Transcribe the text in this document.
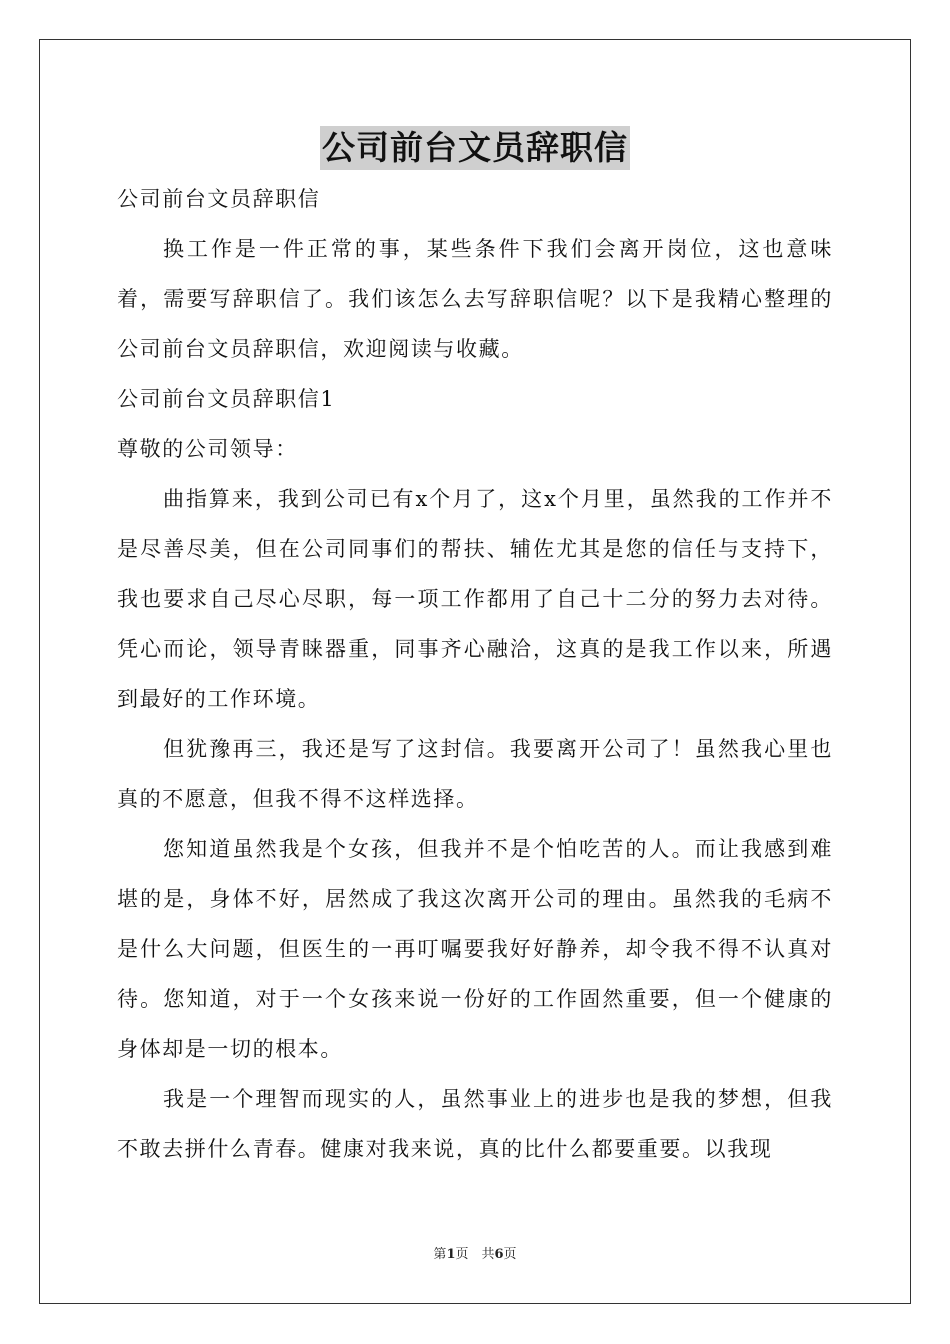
公司前台文员辞职信

公司前台文员辞职信

换工作是一件正常的事，某些条件下我们会离开岗位，这也意味着，需要写辞职信了。我们该怎么去写辞职信呢？以下是我精心整理的公司前台文员辞职信，欢迎阅读与收藏。

公司前台文员辞职信1

尊敬的公司领导：

曲指算来，我到公司已有x个月了，这x个月里，虽然我的工作并不是尽善尽美，但在公司同事们的帮扶、辅佐尤其是您的信任与支持下，我也要求自己尽心尽职，每一项工作都用了自己十二分的努力去对待。凭心而论，领导青睐器重，同事齐心融洽，这真的是我工作以来，所遇到最好的工作环境。

但犹豫再三，我还是写了这封信。我要离开公司了！虽然我心里也真的不愿意，但我不得不这样选择。

您知道虽然我是个女孩，但我并不是个怕吃苦的人。而让我感到难堪的是，身体不好，居然成了我这次离开公司的理由。虽然我的毛病不是什么大问题，但医生的一再叮嘱要我好好静养，却令我不得不认真对待。您知道，对于一个女孩来说一份好的工作固然重要，但一个健康的身体却是一切的根本。

我是一个理智而现实的人，虽然事业上的进步也是我的梦想，但我不敢去拼什么青春。健康对我来说，真的比什么都要重要。以我现

第1页　共6页
